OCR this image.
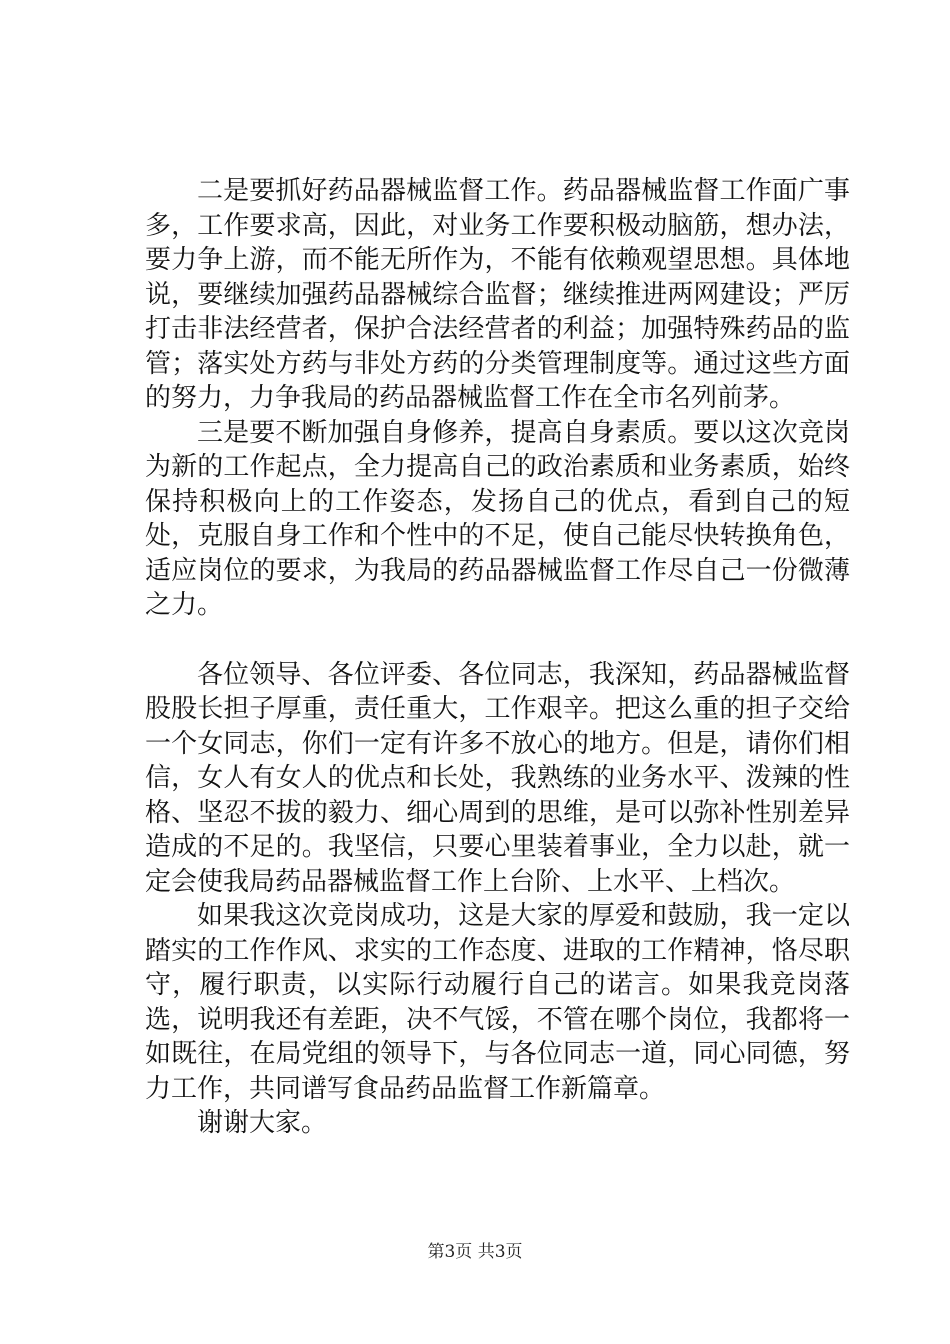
二是要抓好药品器械监督工作。药品器械监督工作面广事多，工作要求高，因此，对业务工作要积极动脑筋，想办法，要力争上游，而不能无所作为，不能有依赖观望思想。具体地说，要继续加强药品器械综合监督；继续推进两网建设；严厉打击非法经营者，保护合法经营者的利益；加强特殊药品的监管；落实处方药与非处方药的分类管理制度等。通过这些方面的努力，力争我局的药品器械监督工作在全市名列前茅。

三是要不断加强自身修养，提高自身素质。要以这次竞岗为新的工作起点，全力提高自己的政治素质和业务素质，始终保持积极向上的工作姿态，发扬自己的优点，看到自己的短处，克服自身工作和个性中的不足，使自己能尽快转换角色，适应岗位的要求，为我局的药品器械监督工作尽自己一份微薄之力。

各位领导、各位评委、各位同志，我深知，药品器械监督股股长担子厚重，责任重大，工作艰辛。把这么重的担子交给一个女同志，你们一定有许多不放心的地方。但是，请你们相信，女人有女人的优点和长处，我熟练的业务水平、泼辣的性格、坚忍不拔的毅力、细心周到的思维，是可以弥补性别差异造成的不足的。我坚信，只要心里装着事业，全力以赴，就一定会使我局药品器械监督工作上台阶、上水平、上档次。

如果我这次竞岗成功，这是大家的厚爱和鼓励，我一定以踏实的工作作风、求实的工作态度、进取的工作精神，恪尽职守，履行职责，以实际行动履行自己的诺言。如果我竞岗落选，说明我还有差距，决不气馁，不管在哪个岗位，我都将一如既往，在局党组的领导下，与各位同志一道，同心同德，努力工作，共同谱写食品药品监督工作新篇章。

谢谢大家。

第3页 共3页
